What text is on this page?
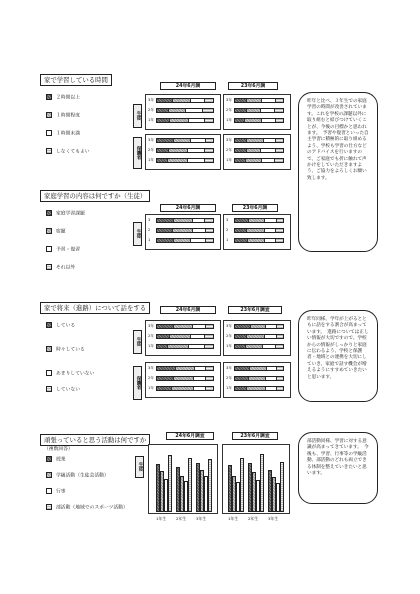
家で学習している時間
２時間以上
１時間程度
１時間未満
しなくてもよい
24年6月調	23年6月調
生徒
保護者
3年
2年
1年
3年
2年
1年
3年
2年
1年
3年
2年
1年
昨年と比べ、３年生での家庭学習の時間が改善されています。これを学校の課題以外に取り組むと結びつけていくことが、今後の目標かと思われます。　予習や復習といった自主学習に積極的に取り組めるよう、学校も学習の仕方などのアドバイスを行いますので、ご家庭でも折に触れて声かけをしていただきますよう、ご協力をよろしくお願い致します。
家庭学習の内容は何ですか（生徒）
家庭学習課題
宿題
予習・復習
それ以外
24年6月調	23年6月調
生徒
3
2
1
3
2
1
家で将来（進路）について話をする
している
時々している
あまりしていない
していない
24年6月調	23年6月調査
生徒
保護者
3年
2年
1年
3年
2年
1年
3年
2年
1年
3年
2年
1年
昨年同様、学年が上がるとともに話をする割合が高まっています。　進路については正しい情報が大切ですので、学校からの情報がしっかりと家庭に伝わるよう、学校と保護者・地域との連携を大切にしていき、家庭で話す機会が増えるようにすすめていきたいと思います。
頑張っていると思う活動は何ですか
（複数回答）
授業
学級活動（生徒会活動）
行事
部活動（地域でのスポーツ活動）
24年6月調査	23年6月調査
生徒
1年生	2年生	3年生	1年生	2年生	3年生
部活動同様、学習に対する意識が高まってきています。　今後も、学習、行事等の学級活動、部活動のどれも両立できる体制を整えていきたいと思います。
